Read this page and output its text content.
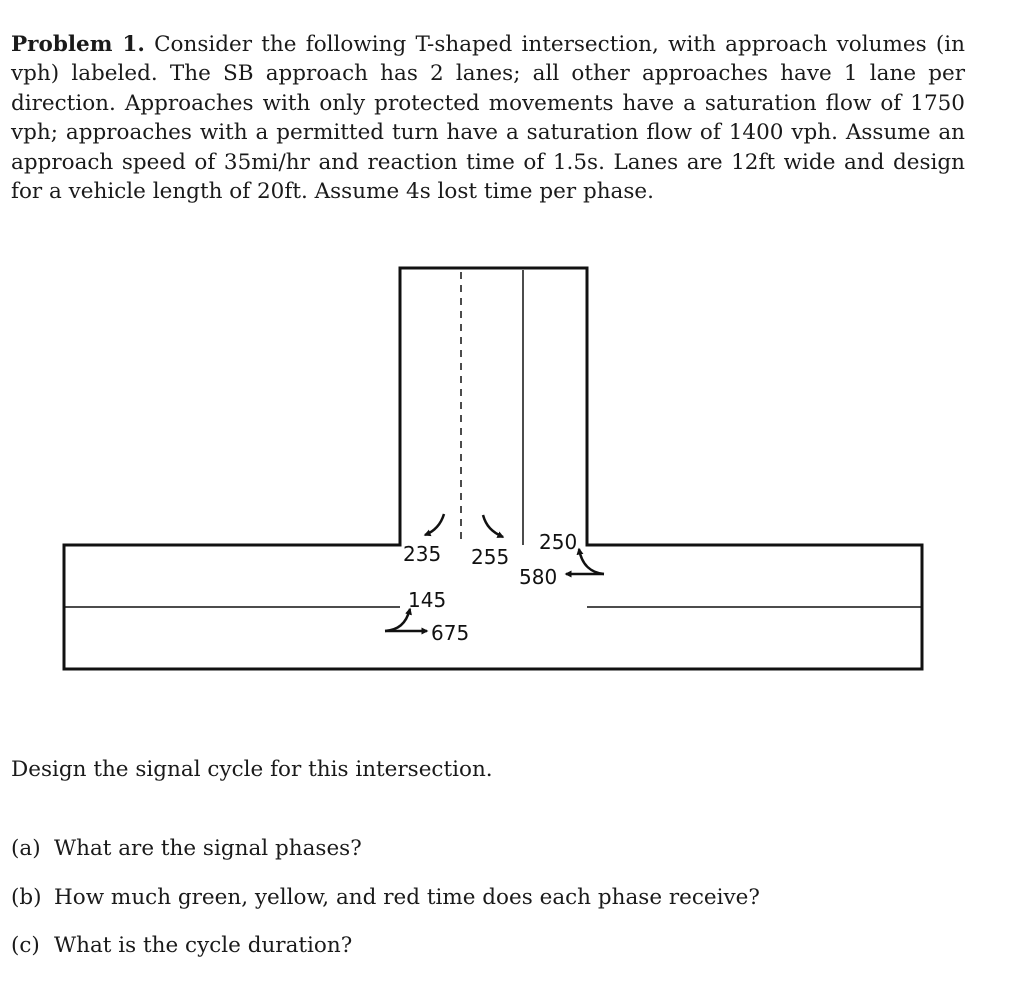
Problem 1. Consider the following T-shaped intersection, with approach volumes (in vph) labeled. The SB approach has 2 lanes; all other approaches have 1 lane per direction. Approaches with only protected movements have a saturation flow of 1750 vph; approaches with a permitted turn have a saturation flow of 1400 vph. Assume an approach speed of 35mi/hr and reaction time of 1.5s. Lanes are 12ft wide and design for a vehicle length of 20ft. Assume 4s lost time per phase.

235 255
250
580
145
675

Design the signal cycle for this intersection.

(a) What are the signal phases?

(b) How much green, yellow, and red time does each phase receive?

(c) What is the cycle duration?
